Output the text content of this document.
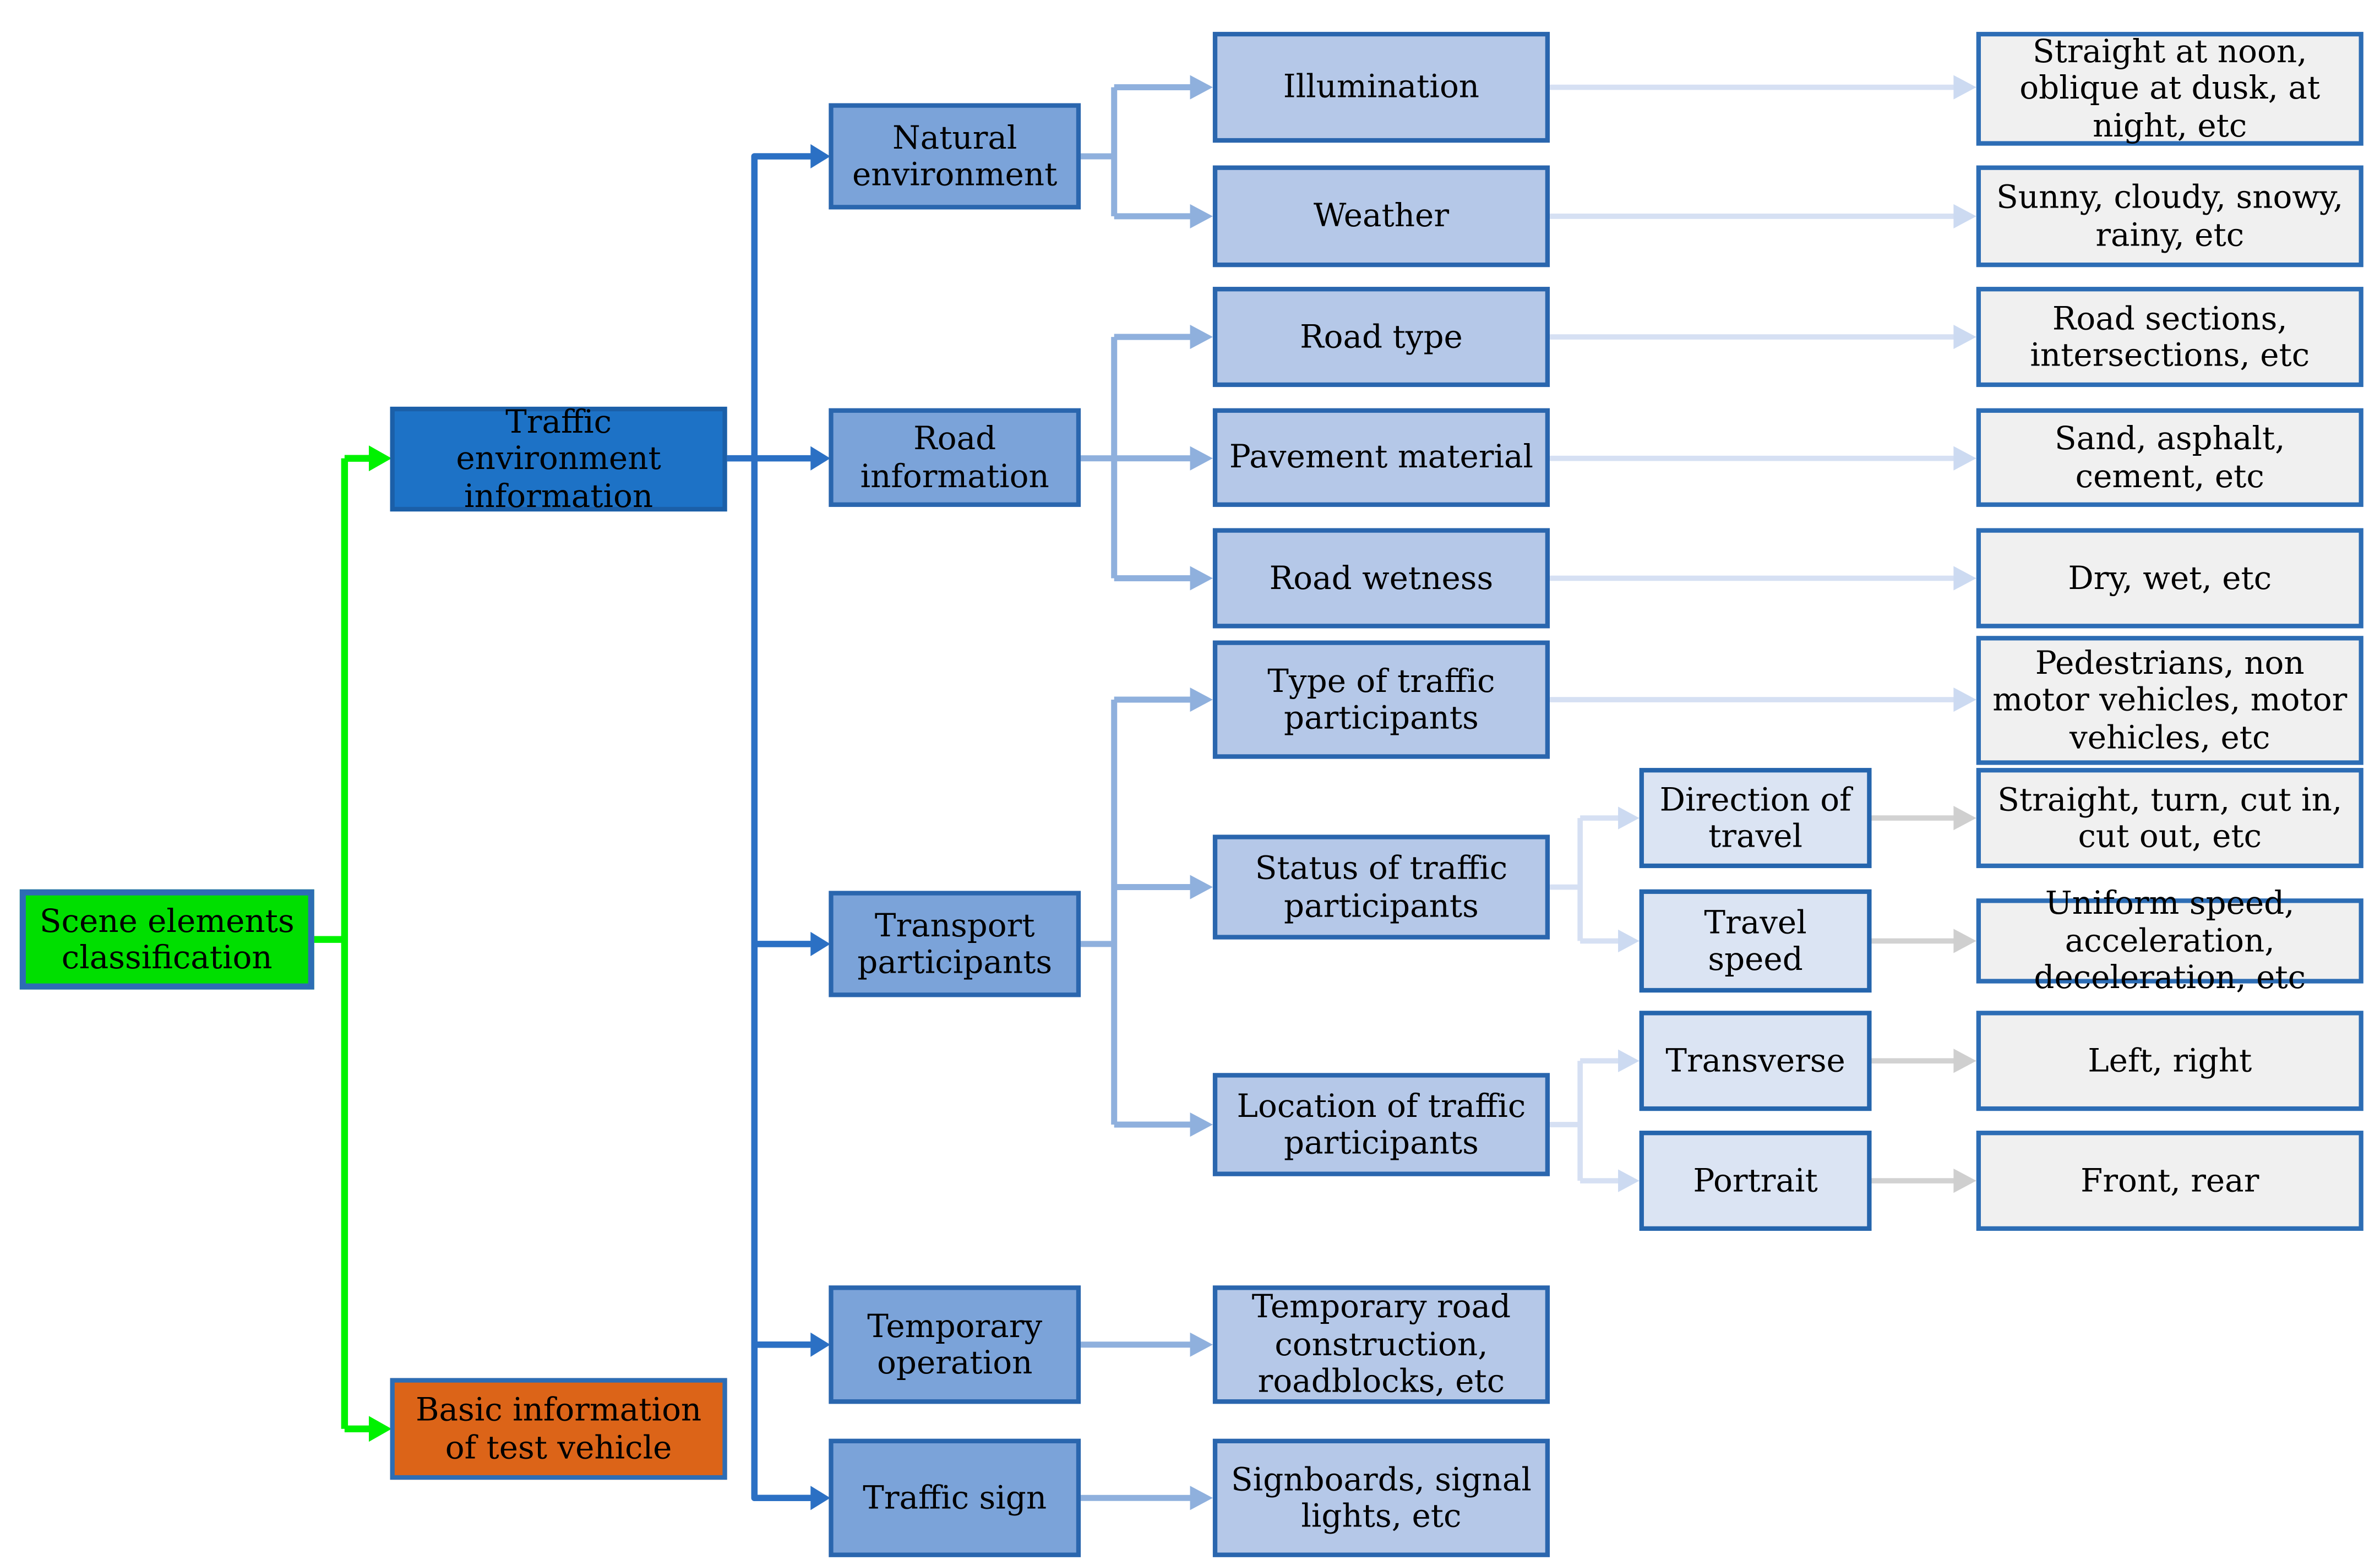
Scene elements classification
Traffic environment information
Basic information of test vehicle
Natural environment
Road information
Transport participants
Temporary operation
Traffic sign
Illumination
Weather
Road type
Pavement material
Road wetness
Type of traffic participants
Status of traffic participants
Location of traffic participants
Temporary road construction, roadblocks, etc
Signboards, signal lights, etc
Direction of travel
Travel speed
Transverse
Portrait
Straight at noon, oblique at dusk, at night, etc
Sunny, cloudy, snowy, rainy, etc
Road sections, intersections, etc
Sand, asphalt, cement, etc
Dry, wet, etc
Pedestrians, non motor vehicles, motor vehicles, etc
Straight, turn, cut in, cut out, etc
Uniform speed, acceleration, deceleration, etc
Left, right
Front, rear
